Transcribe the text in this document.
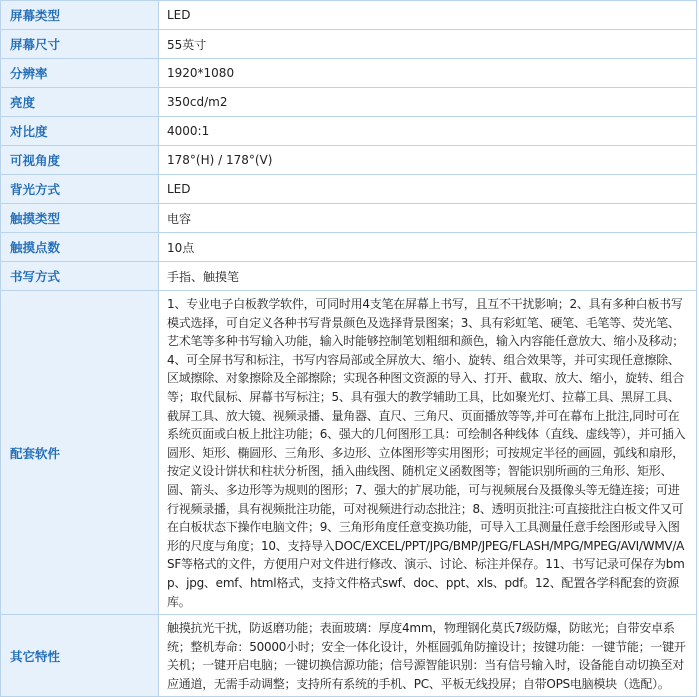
屏幕类型	LED
屏幕尺寸	55英寸
分辨率	1920*1080
亮度	350cd/m2
对比度	4000:1
可视角度	178°(H) / 178°(V)
背光方式	LED
触摸类型	电容
触摸点数	10点
书写方式	手指、触摸笔
配套软件	1、专业电子白板教学软件，可同时用4支笔在屏幕上书写，且互不干扰影响；2、具有多种白板书写模式选择，可自定义各种书写背景颜色及选择背景图案；3、具有彩虹笔、硬笔、毛笔等、荧光笔、艺术笔等多种书写输入功能，输入时能够控制笔划粗细和颜色，输入内容能任意放大、缩小及移动；4、可全屏书写和标注，书写内容局部或全屏放大、缩小、旋转、组合效果等，并可实现任意擦除、区域擦除、对象擦除及全部擦除；实现各种图文资源的导入、打开、截取、放大、缩小，旋转、组合等；取代鼠标、屏幕书写标注；5、具有强大的教学辅助工具，比如聚光灯、拉幕工具、黑屏工具、截屏工具、放大镜、视频录播、量角器、直尺、三角尺、页面播放等等,并可在幕布上批注,同时可在系统页面或白板上批注功能；6、强大的几何图形工具：可绘制各种线体（直线、虚线等），并可插入圆形、矩形、椭圆形、三角形、多边形、立体图形等实用图形；可按规定半径的画圆，弧线和扇形，按定义设计饼状和柱状分析图，插入曲线图、随机定义函数图等；智能识别所画的三角形、矩形、圆、箭头、多边形等为规则的图形；7、强大的扩展功能，可与视频展台及摄像头等无缝连接；可进行视频录播，具有视频批注功能，可对视频进行动态批注；8、透明页批注:可直接批注白板文件又可在白板状态下操作电脑文件；9、三角形角度任意变换功能，可导入工具测量任意手绘图形或导入图形的尺度与角度；10、支持导入DOC/EXCEL/PPT/JPG/BMP/JPEG/FLASH/MPG/MPEG/AVI/WMV/ASF等格式的文件，方便用户对文件进行修改、演示、讨论、标注并保存。11、书写记录可保存为bmp、jpg、emf、html格式，支持文件格式swf、doc、ppt、xls、pdf。12、配置各学科配套的资源库。
其它特性	触摸抗光干扰，防返磨功能；表面玻璃：厚度4mm，物理钢化莫氏7级防爆，防眩光；自带安卓系统；整机寿命：50000小时；安全一体化设计，外框圆弧角防撞设计；按键功能：一键节能；一键开关机；一键开启电脑；一键切换信源功能；信号源智能识别：当有信号输入时，设备能自动切换至对应通道，无需手动调整；支持所有系统的手机、PC、平板无线投屏；自带OPS电脑模块（选配）。
